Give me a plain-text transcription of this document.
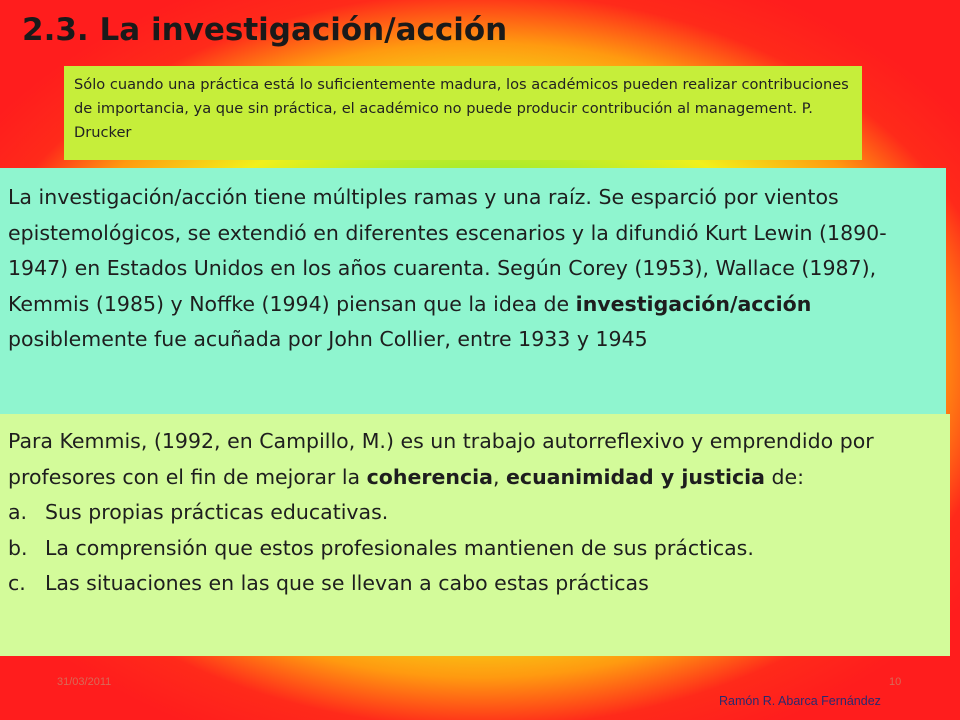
2.3. La investigación/acción
Sólo cuando una práctica está lo suficientemente madura, los académicos pueden realizar contribuciones de importancia, ya que sin práctica, el académico no puede producir contribución al management. P. Drucker

La investigación/acción tiene múltiples ramas y una raíz. Se esparció por vientos epistemológicos, se extendió en diferentes escenarios y la difundió Kurt Lewin (1890-1947) en Estados Unidos en los años cuarenta. Según Corey (1953), Wallace (1987), Kemmis (1985) y Noffke (1994) piensan que la idea de investigación/acción posiblemente fue acuñada por John Collier, entre 1933 y 1945

Para Kemmis, (1992, en Campillo, M.) es un trabajo autorreflexivo y emprendido por profesores con el fin de mejorar la coherencia, ecuanimidad y justicia de:

a. Sus propias prácticas educativas.
b. La comprensión que estos profesionales mantienen de sus prácticas.
c. Las situaciones en las que se llevan a cabo estas prácticas
31/03/2011	10
Ramón R. Abarca Fernández
